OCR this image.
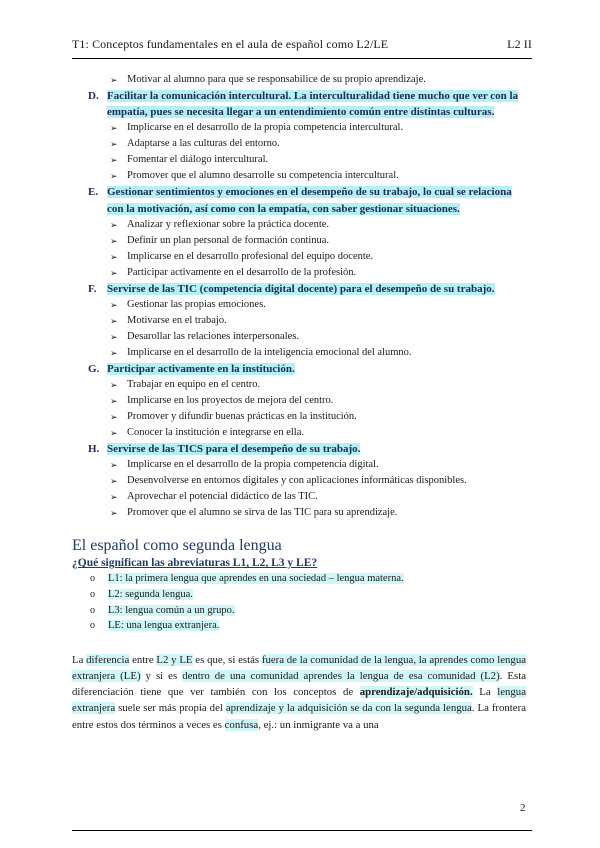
T1: Conceptos fundamentales en el aula de español como L2/LE	L2 II
➢ Motivar al alumno para que se responsabilice de su propio aprendizaje.
D. Facilitar la comunicación intercultural. La interculturalidad tiene mucho que ver con la empatía, pues se necesita llegar a un entendimiento común entre distintas culturas.
➢ Implicarse en el desarrollo de la propia competencia intercultural.
➢ Adaptarse a las culturas del entorno.
➢ Fomentar el diálogo intercultural.
➢ Promover que el alumno desarrolle su competencia intercultural.
E. Gestionar sentimientos y emociones en el desempeño de su trabajo, lo cual se relaciona con la motivación, así como con la empatía, con saber gestionar situaciones.
➢ Analizar y reflexionar sobre la práctica docente.
➢ Definir un plan personal de formación continua.
➢ Implicarse en el desarrollo profesional del equipo docente.
➢ Participar activamente en el desarrollo de la profesión.
F. Servirse de las TIC (competencia digital docente) para el desempeño de su trabajo.
➢ Gestionar las propias emociones.
➢ Motivarse en el trabajo.
➢ Desarollar las relaciones interpersonales.
➢ Implicarse en el desarrollo de la inteligencia emocional del alumno.
G. Participar activamente en la institución.
➢ Trabajar en equipo en el centro.
➢ Implicarse en los proyectos de mejora del centro.
➢ Promover y difundir buenas prácticas en la institución.
➢ Conocer la institución e integrarse en ella.
H. Servirse de las TICS para el desempeño de su trabajo.
➢ Implicarse en el desarrollo de la propia competencia digital.
➢ Desenvolverse en entornos digitales y con aplicaciones informáticas disponibles.
➢ Aprovechar el potencial didáctico de las TIC.
➢ Promover que el alumno se sirva de las TIC para su aprendizaje.
El español como segunda lengua
¿Qué significan las abreviaturas L1, L2, L3 y LE?
o L1: la primera lengua que aprendes en una sociedad – lengua materna.
o L2: segunda lengua.
o L3: lengua común a un grupo.
o LE: una lengua extranjera.
La diferencia entre L2 y LE es que, si estás fuera de la comunidad de la lengua, la aprendes como lengua extranjera (LE) y si es dentro de una comunidad aprendes la lengua de esa comunidad (L2). Esta diferenciación tiene que ver también con los conceptos de aprendizaje/adquisición. La lengua extranjera suele ser más propia del aprendizaje y la adquisición se da con la segunda lengua. La frontera entre estos dos términos a veces es confusa, ej.: un inmigrante va a una
2
